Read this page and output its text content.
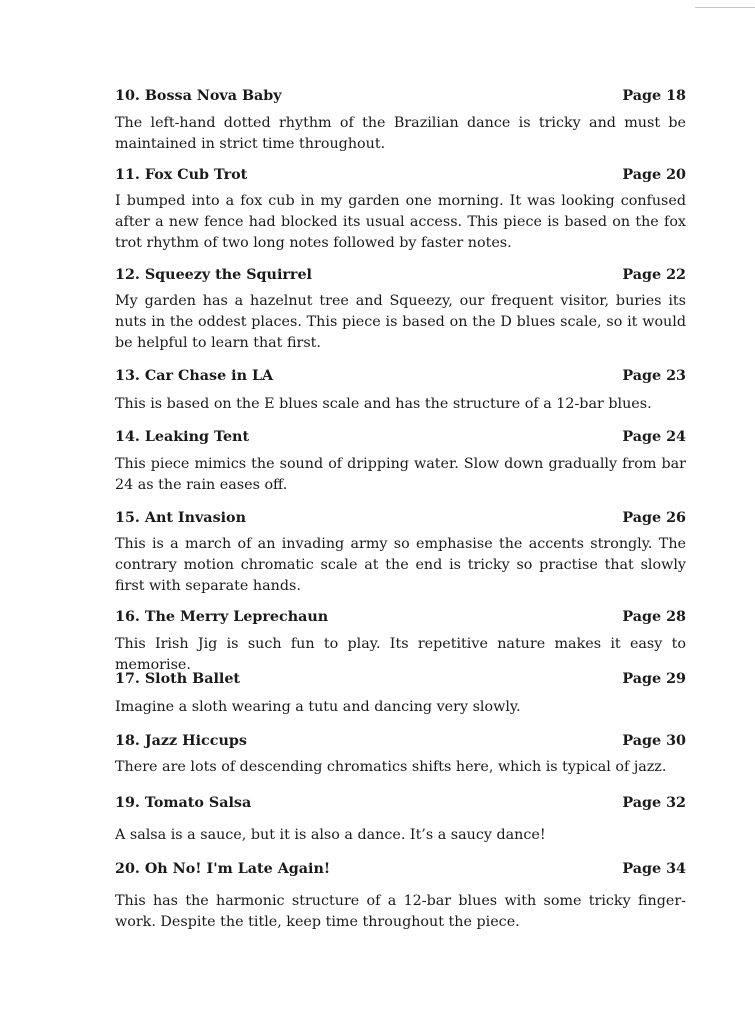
10. Bossa Nova Baby	Page 18
The left-hand dotted rhythm of the Brazilian dance is tricky and must be maintained in strict time throughout.
11. Fox Cub Trot	Page 20
I bumped into a fox cub in my garden one morning. It was looking confused after a new fence had blocked its usual access. This piece is based on the fox trot rhythm of two long notes followed by faster notes.
12. Squeezy the Squirrel	Page 22
My garden has a hazelnut tree and Squeezy, our frequent visitor, buries its nuts in the oddest places. This piece is based on the D blues scale, so it would be helpful to learn that first.
13. Car Chase in LA	Page 23
This is based on the E blues scale and has the structure of a 12-bar blues.
14. Leaking Tent	Page 24
This piece mimics the sound of dripping water. Slow down gradually from bar 24 as the rain eases off.
15. Ant Invasion	Page 26
This is a march of an invading army so emphasise the accents strongly. The contrary motion chromatic scale at the end is tricky so practise that slowly first with separate hands.
16. The Merry Leprechaun	Page 28
This Irish Jig is such fun to play. Its repetitive nature makes it easy to memorise.
17. Sloth Ballet	Page 29
Imagine a sloth wearing a tutu and dancing very slowly.
18. Jazz Hiccups	Page 30
There are lots of descending chromatics shifts here, which is typical of jazz.
19. Tomato Salsa	Page 32
A salsa is a sauce, but it is also a dance. It’s a saucy dance!
20. Oh No! I'm Late Again!	Page 34
This has the harmonic structure of a 12-bar blues with some tricky finger-work. Despite the title, keep time throughout the piece.
